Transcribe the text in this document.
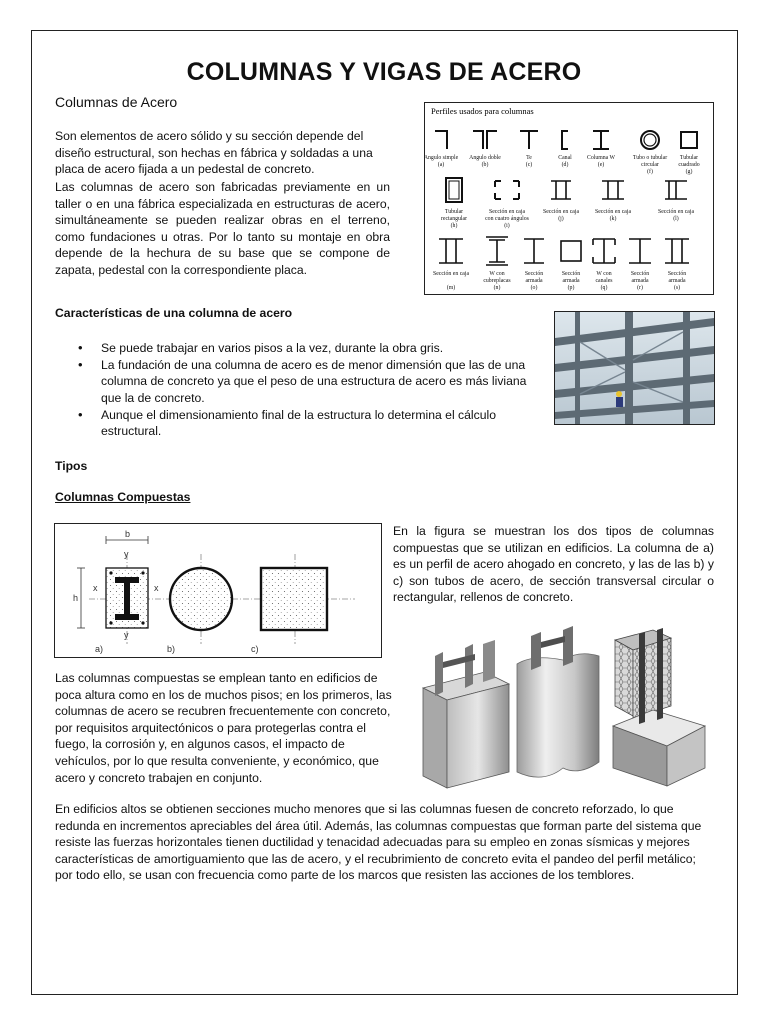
COLUMNAS Y VIGAS DE ACERO
Columnas de Acero
Son elementos de acero sólido y su sección depende del diseño estructural, son hechas en fábrica y soldadas a una placa de acero fijada a un pedestal de concreto.
Las columnas de acero son fabricadas previamente en un taller o en una fábrica especializada en estructuras de acero, simultáneamente se pueden realizar obras en el terreno, como fundaciones u otras. Por lo tanto su montaje en obra depende de la hechura de su base que se compone de zapata, pedestal con la correspondiente placa.
Perfiles usados para columnas
Angulo simple
(a)
Angulo doble
(b)
Te
(c)
Canal
(d)
Columna W
(e)
Tubo o tubular
circular
(f)
Tubular
cuadrado
(g)
Tubular
rectangular
(h)
Sección en caja
con cuatro ángulos
(i)
Sección en caja
(j)
Sección en caja
(k)
Sección en caja
(l)
Sección en caja
(m)
W con
cubreplacas
(n)
Sección
armada
(o)
Sección
armada
(p)
W con
canales
(q)
Sección
armada
(r)
Sección
armada
(s)
Características de una columna de acero
• Se puede trabajar en varios pisos a la vez, durante la obra gris.
• La fundación de una columna de acero es de menor dimensión que las de una columna de concreto ya que el peso de una estructura de acero es más liviana que la de concreto.
• Aunque el dimensionamiento final de la estructura lo determina el cálculo estructural.
Tipos
Columnas Compuestas
b
y
x
h
x
y
a)	b)	c)
En la figura se muestran los dos tipos de columnas compuestas que se utilizan en edificios. La columna de a) es un perfil de acero ahogado en concreto, y las de las b) y c) son tubos de acero, de sección transversal circular o rectangular, rellenos de concreto.
Las columnas compuestas se emplean tanto en edificios de poca altura como en los de muchos pisos; en los primeros, las columnas de acero se recubren frecuentemente con concreto, por requisitos arquitectónicos o para protegerlas contra el fuego, la corrosión y, en algunos casos, el impacto de vehículos, por lo que resulta conveniente, y económico, que acero y concreto trabajen en conjunto.
En edificios altos se obtienen secciones mucho menores que si las columnas fuesen de concreto reforzado, lo que redunda en incrementos apreciables del área útil. Además, las columnas compuestas que forman parte del sistema que resiste las fuerzas horizontales tienen ductilidad y tenacidad adecuadas para su empleo en zonas sísmicas y mejores características de amortiguamiento que las de acero, y el recubrimiento de concreto evita el pandeo del perfil metálico; por todo ello, se usan con frecuencia como parte de los marcos que resisten las acciones de los temblores.
